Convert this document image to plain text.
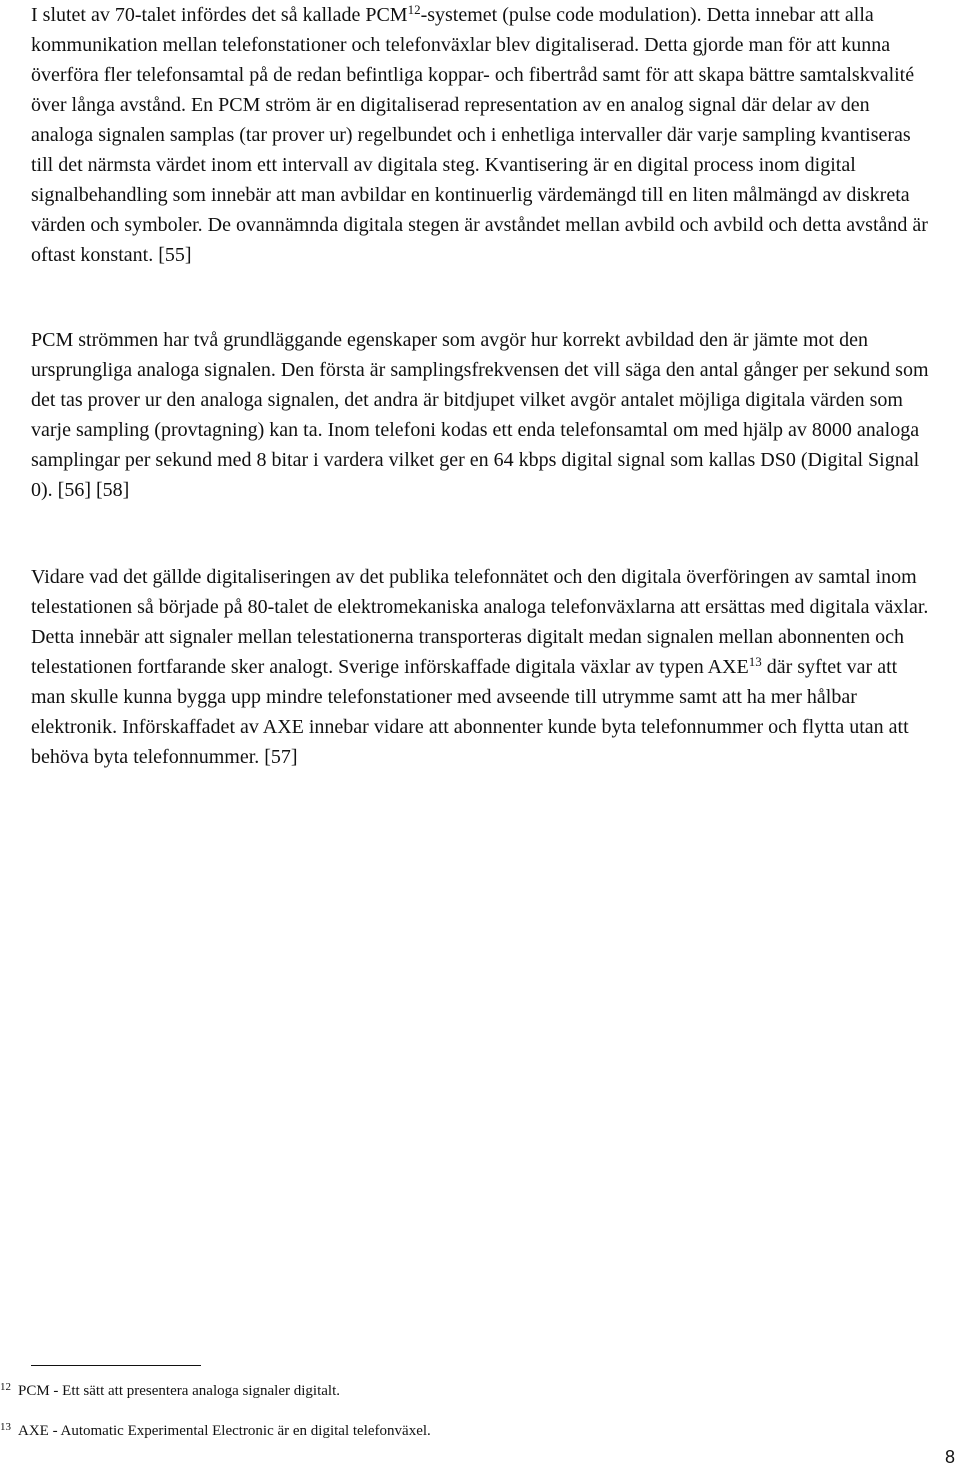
I slutet av 70-talet infördes det så kallade PCM$^{12}$-systemet (pulse code modulation). Detta innebar att alla kommunikation mellan telefonstationer och telefonväxlar blev digitaliserad. Detta gjorde man för att kunna överföra fler telefonsamtal på de redan befintliga koppar- och fibertråd samt för att skapa bättre samtalskvalité över långa avstånd. En PCM ström är en digitaliserad representation av en analog signal där delar av den analoga signalen samplas (tar prover ur) regelbundet och i enhetliga intervaller där varje sampling kvantiseras till det närmsta värdet inom ett intervall av digitala steg. Kvantisering är en digital process inom digital signalbehandling som innebär att man avbildar en kontinuerlig värdemängd till en liten målmängd av diskreta värden och symboler. De ovannämnda digitala stegen är avståndet mellan avbild och avbild och detta avstånd är oftast konstant. [55]

PCM strömmen har två grundläggande egenskaper som avgör hur korrekt avbildad den är jämte mot den ursprungliga analoga signalen. Den första är samplingsfrekvensen det vill säga den antal gånger per sekund som det tas prover ur den analoga signalen, det andra är bitdjupet vilket avgör antalet möjliga digitala värden som varje sampling (provtagning) kan ta. Inom telefoni kodas ett enda telefonsamtal om med hjälp av 8000 analoga samplingar per sekund med 8 bitar i vardera vilket ger en 64 kbps digital signal som kallas DS0 (Digital Signal 0). [56] [58]

Vidare vad det gällde digitaliseringen av det publika telefonnätet och den digitala överföringen av samtal inom telestationen så började på 80-talet de elektromekaniska analoga telefonväxlarna att ersättas med digitala växlar. Detta innebär att signaler mellan telestationerna transporteras digitalt medan signalen mellan abonnenten och telestationen fortfarande sker analogt. Sverige införskaffade digitala växlar av typen AXE$^{13}$ där syftet var att man skulle kunna bygga upp mindre telefonstationer med avseende till utrymme samt att ha mer hålbar elektronik. Införskaffadet av AXE innebar vidare att abonnenter kunde byta telefonnummer och flytta utan att behöva byta telefonnummer. [57]

12 PCM - Ett sätt att presentera analoga signaler digitalt.
13 AXE - Automatic Experimental Electronic är en digital telefonväxel.
8
